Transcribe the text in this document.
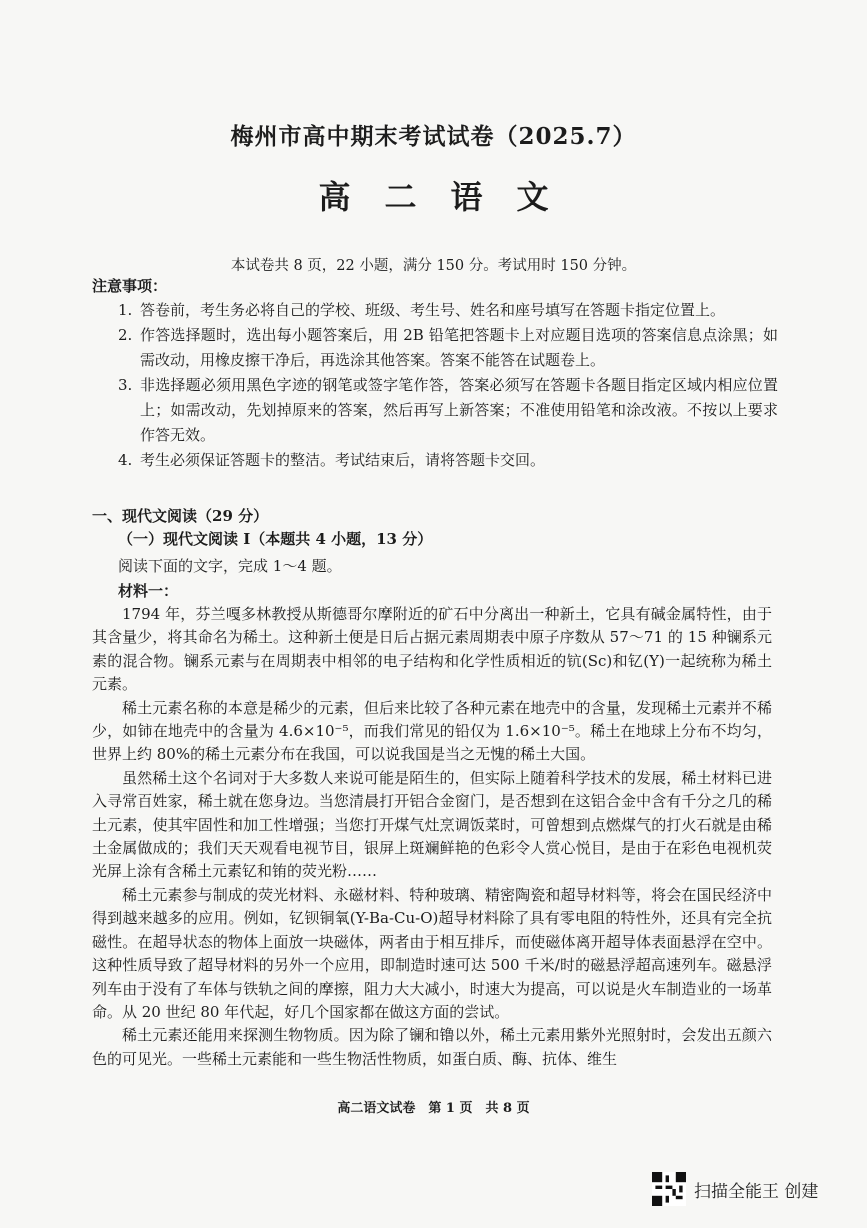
梅州市高中期末考试试卷（2025.7）
高二语文
本试卷共 8 页，22 小题，满分 150 分。考试用时 150 分钟。
注意事项：
1. 答卷前，考生务必将自己的学校、班级、考生号、姓名和座号填写在答题卡指定位置上。
2. 作答选择题时，选出每小题答案后，用 2B 铅笔把答题卡上对应题目选项的答案信息点涂黑；如需改动，用橡皮擦干净后，再选涂其他答案。答案不能答在试题卷上。
3. 非选择题必须用黑色字迹的钢笔或签字笔作答，答案必须写在答题卡各题目指定区域内相应位置上；如需改动，先划掉原来的答案，然后再写上新答案；不准使用铅笔和涂改液。不按以上要求作答无效。
4. 考生必须保证答题卡的整洁。考试结束后，请将答题卡交回。
一、现代文阅读（29 分）
（一）现代文阅读 I（本题共 4 小题，13 分）
阅读下面的文字，完成 1～4 题。
材料一：

1794 年，芬兰嘎多林教授从斯德哥尔摩附近的矿石中分离出一种新土，它具有碱金属特性，由于其含量少，将其命名为稀土。这种新土便是日后占据元素周期表中原子序数从 57～71 的 15 种镧系元素的混合物。镧系元素与在周期表中相邻的电子结构和化学性质相近的钪(Sc)和钇(Y)一起统称为稀土元素。

稀土元素名称的本意是稀少的元素，但后来比较了各种元素在地壳中的含量，发现稀土元素并不稀少，如铈在地壳中的含量为 4.6×10⁻⁵，而我们常见的铅仅为 1.6×10⁻⁵。稀土在地球上分布不均匀，世界上约 80%的稀土元素分布在我国，可以说我国是当之无愧的稀土大国。

虽然稀土这个名词对于大多数人来说可能是陌生的，但实际上随着科学技术的发展，稀土材料已进入寻常百姓家，稀土就在您身边。当您清晨打开铝合金窗门，是否想到在这铝合金中含有千分之几的稀土元素，使其牢固性和加工性增强；当您打开煤气灶烹调饭菜时，可曾想到点燃煤气的打火石就是由稀土金属做成的；我们天天观看电视节目，银屏上斑斓鲜艳的色彩令人赏心悦目，是由于在彩色电视机荧光屏上涂有含稀土元素钇和铕的荧光粉……

稀土元素参与制成的荧光材料、永磁材料、特种玻璃、精密陶瓷和超导材料等，将会在国民经济中得到越来越多的应用。例如，钇钡铜氧(Y-Ba-Cu-O)超导材料除了具有零电阻的特性外，还具有完全抗磁性。在超导状态的物体上面放一块磁体，两者由于相互排斥，而使磁体离开超导体表面悬浮在空中。这种性质导致了超导材料的另外一个应用，即制造时速可达 500 千米/时的磁悬浮超高速列车。磁悬浮列车由于没有了车体与铁轨之间的摩擦，阻力大大减小，时速大为提高，可以说是火车制造业的一场革命。从 20 世纪 80 年代起，好几个国家都在做这方面的尝试。

稀土元素还能用来探测生物物质。因为除了镧和镥以外，稀土元素用紫外光照射时，会发出五颜六色的可见光。一些稀土元素能和一些生物活性物质，如蛋白质、酶、抗体、维生

高二语文试卷　第 1 页　共 8 页
扫描全能王 创建
